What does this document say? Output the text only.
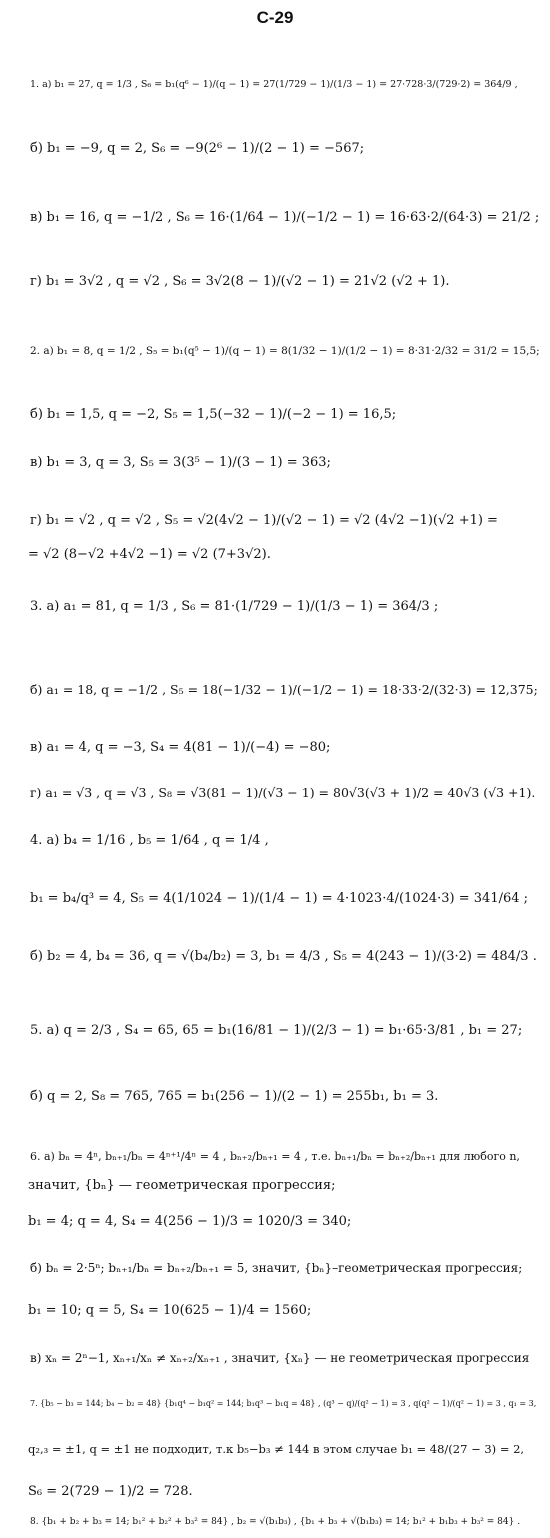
С-29
1. а) b₁ = 27, q = 1/3 , S₆ = b₁(q⁶ − 1)/(q − 1) = 27(1/729 − 1)/(1/3 − 1) = 27·728·3/(729·2) = 364/9 ,
б) b₁ = −9, q = 2, S₆ = −9(2⁶ − 1)/(2 − 1) = −567;
в) b₁ = 16, q = −1/2 , S₆ = 16·(1/64 − 1)/(−1/2 − 1) = 16·63·2/(64·3) = 21/2 ;
г) b₁ = 3√2 , q = √2 , S₆ = 3√2(8 − 1)/(√2 − 1) = 21√2 (√2 + 1).
2. а) b₁ = 8, q = 1/2 , S₅ = b₁(q⁵ − 1)/(q − 1) = 8(1/32 − 1)/(1/2 − 1) = 8·31·2/32 = 31/2 = 15,5;
б) b₁ = 1,5, q = −2, S₅ = 1,5(−32 − 1)/(−2 − 1) = 16,5;
в) b₁ = 3, q = 3, S₅ = 3(3⁵ − 1)/(3 − 1) = 363;
г) b₁ = √2 , q = √2 , S₅ = √2(4√2 − 1)/(√2 − 1) = √2 (4√2 −1)(√2 +1) =
= √2 (8−√2 +4√2 −1) = √2 (7+3√2).
3. а) a₁ = 81, q = 1/3 , S₆ = 81·(1/729 − 1)/(1/3 − 1) = 364/3 ;
б) a₁ = 18, q = −1/2 , S₅ = 18(−1/32 − 1)/(−1/2 − 1) = 18·33·2/(32·3) = 12,375;
в) a₁ = 4, q = −3, S₄ = 4(81 − 1)/(−4) = −80;
г) a₁ = √3 , q = √3 , S₈ = √3(81 − 1)/(√3 − 1) = 80√3(√3 + 1)/2 = 40√3 (√3 +1).
4. а) b₄ = 1/16 , b₅ = 1/64 , q = 1/4 ,
b₁ = b₄/q³ = 4, S₅ = 4(1/1024 − 1)/(1/4 − 1) = 4·1023·4/(1024·3) = 341/64 ;
б) b₂ = 4, b₄ = 36, q = √(b₄/b₂) = 3, b₁ = 4/3 , S₅ = 4(243 − 1)/(3·2) = 484/3 .
5. а) q = 2/3 , S₄ = 65, 65 = b₁(16/81 − 1)/(2/3 − 1) = b₁·65·3/81 , b₁ = 27;
б) q = 2, S₈ = 765, 765 = b₁(256 − 1)/(2 − 1) = 255b₁, b₁ = 3.
6. а) bₙ = 4ⁿ, bₙ₊₁/bₙ = 4ⁿ⁺¹/4ⁿ = 4 , bₙ₊₂/bₙ₊₁ = 4 , т.е. bₙ₊₁/bₙ = bₙ₊₂/bₙ₊₁ для любого n,
значит, {bₙ} — геометрическая прогрессия;
b₁ = 4; q = 4, S₄ = 4(256 − 1)/3 = 1020/3 = 340;
б) bₙ = 2·5ⁿ; bₙ₊₁/bₙ = bₙ₊₂/bₙ₊₁ = 5, значит, {bₙ}–геометрическая прогрессия;
b₁ = 10; q = 5, S₄ = 10(625 − 1)/4 = 1560;
в) xₙ = 2ⁿ−1, xₙ₊₁/xₙ ≠ xₙ₊₂/xₙ₊₁ , значит, {xₙ} — не геометрическая прогрессия
7. {b₅ − b₃ = 144; b₄ − b₂ = 48} {b₁q⁴ − b₁q² = 144; b₁q³ − b₁q = 48} , (q³ − q)/(q² − 1) = 3 , q(q² − 1)/(q² − 1) = 3 , q₁ = 3,
q₂,₃ = ±1, q = ±1 не подходит, т.к b₅−b₃ ≠ 144 в этом случае b₁ = 48/(27 − 3) = 2,
S₆ = 2(729 − 1)/2 = 728.
8. {b₁ + b₂ + b₃ = 14; b₁² + b₂² + b₃² = 84} , b₂ = √(b₁b₃) , {b₁ + b₃ + √(b₁b₃) = 14; b₁² + b₁b₃ + b₃² = 84} .
